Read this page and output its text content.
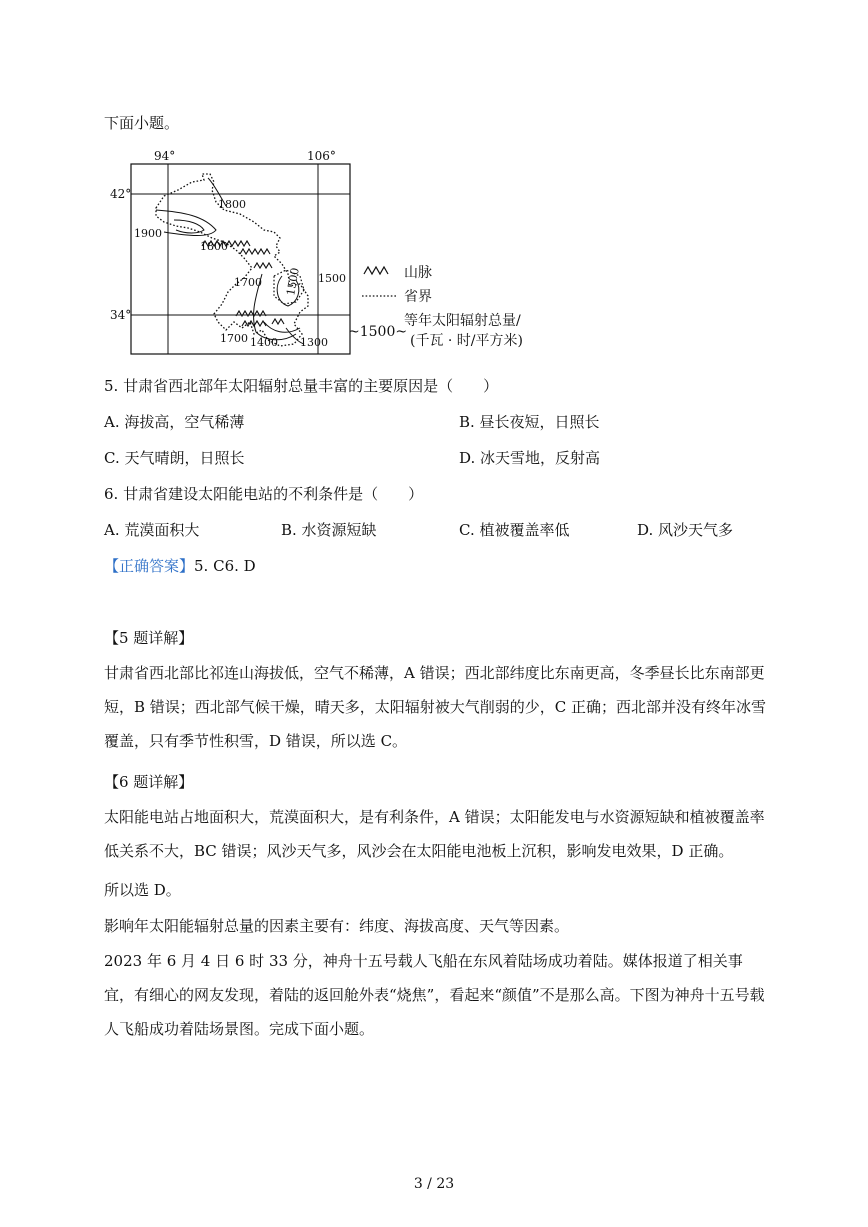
下面小题。
94°	106°
42°
34°
1800
1900
1800
1700 1500 1500
1700 1400 1300
山脉
省界
~1500~
等年太阳辐射总量/
(千瓦 · 时/平方米)
5. 甘肃省西北部年太阳辐射总量丰富的主要原因是（　　）
A. 海拔高，空气稀薄	B. 昼长夜短，日照长
C. 天气晴朗，日照长	D. 冰天雪地，反射高
6. 甘肃省建设太阳能电站的不利条件是（　　）
A. 荒漠面积大	B. 水资源短缺	C. 植被覆盖率低	D. 风沙天气多
【正确答案】5. C6. D
【5 题详解】
甘肃省西北部比祁连山海拔低，空气不稀薄，A 错误；西北部纬度比东南更高，冬季昼长比东南部更短，B 错误；西北部气候干燥，晴天多，太阳辐射被大气削弱的少，C 正确；西北部并没有终年冰雪覆盖，只有季节性积雪，D 错误，所以选 C。
【6 题详解】
太阳能电站占地面积大，荒漠面积大，是有利条件，A 错误；太阳能发电与水资源短缺和植被覆盖率低关系不大，BC 错误；风沙天气多，风沙会在太阳能电池板上沉积，影响发电效果，D 正确。
所以选 D。
影响年太阳能辐射总量的因素主要有：纬度、海拔高度、天气等因素。
2023 年 6 月 4 日 6 时 33 分，神舟十五号载人飞船在东风着陆场成功着陆。媒体报道了相关事宜，有细心的网友发现，着陆的返回舱外表“烧焦”，看起来“颜值”不是那么高。下图为神舟十五号载人飞船成功着陆场景图。完成下面小题。
3 / 23
